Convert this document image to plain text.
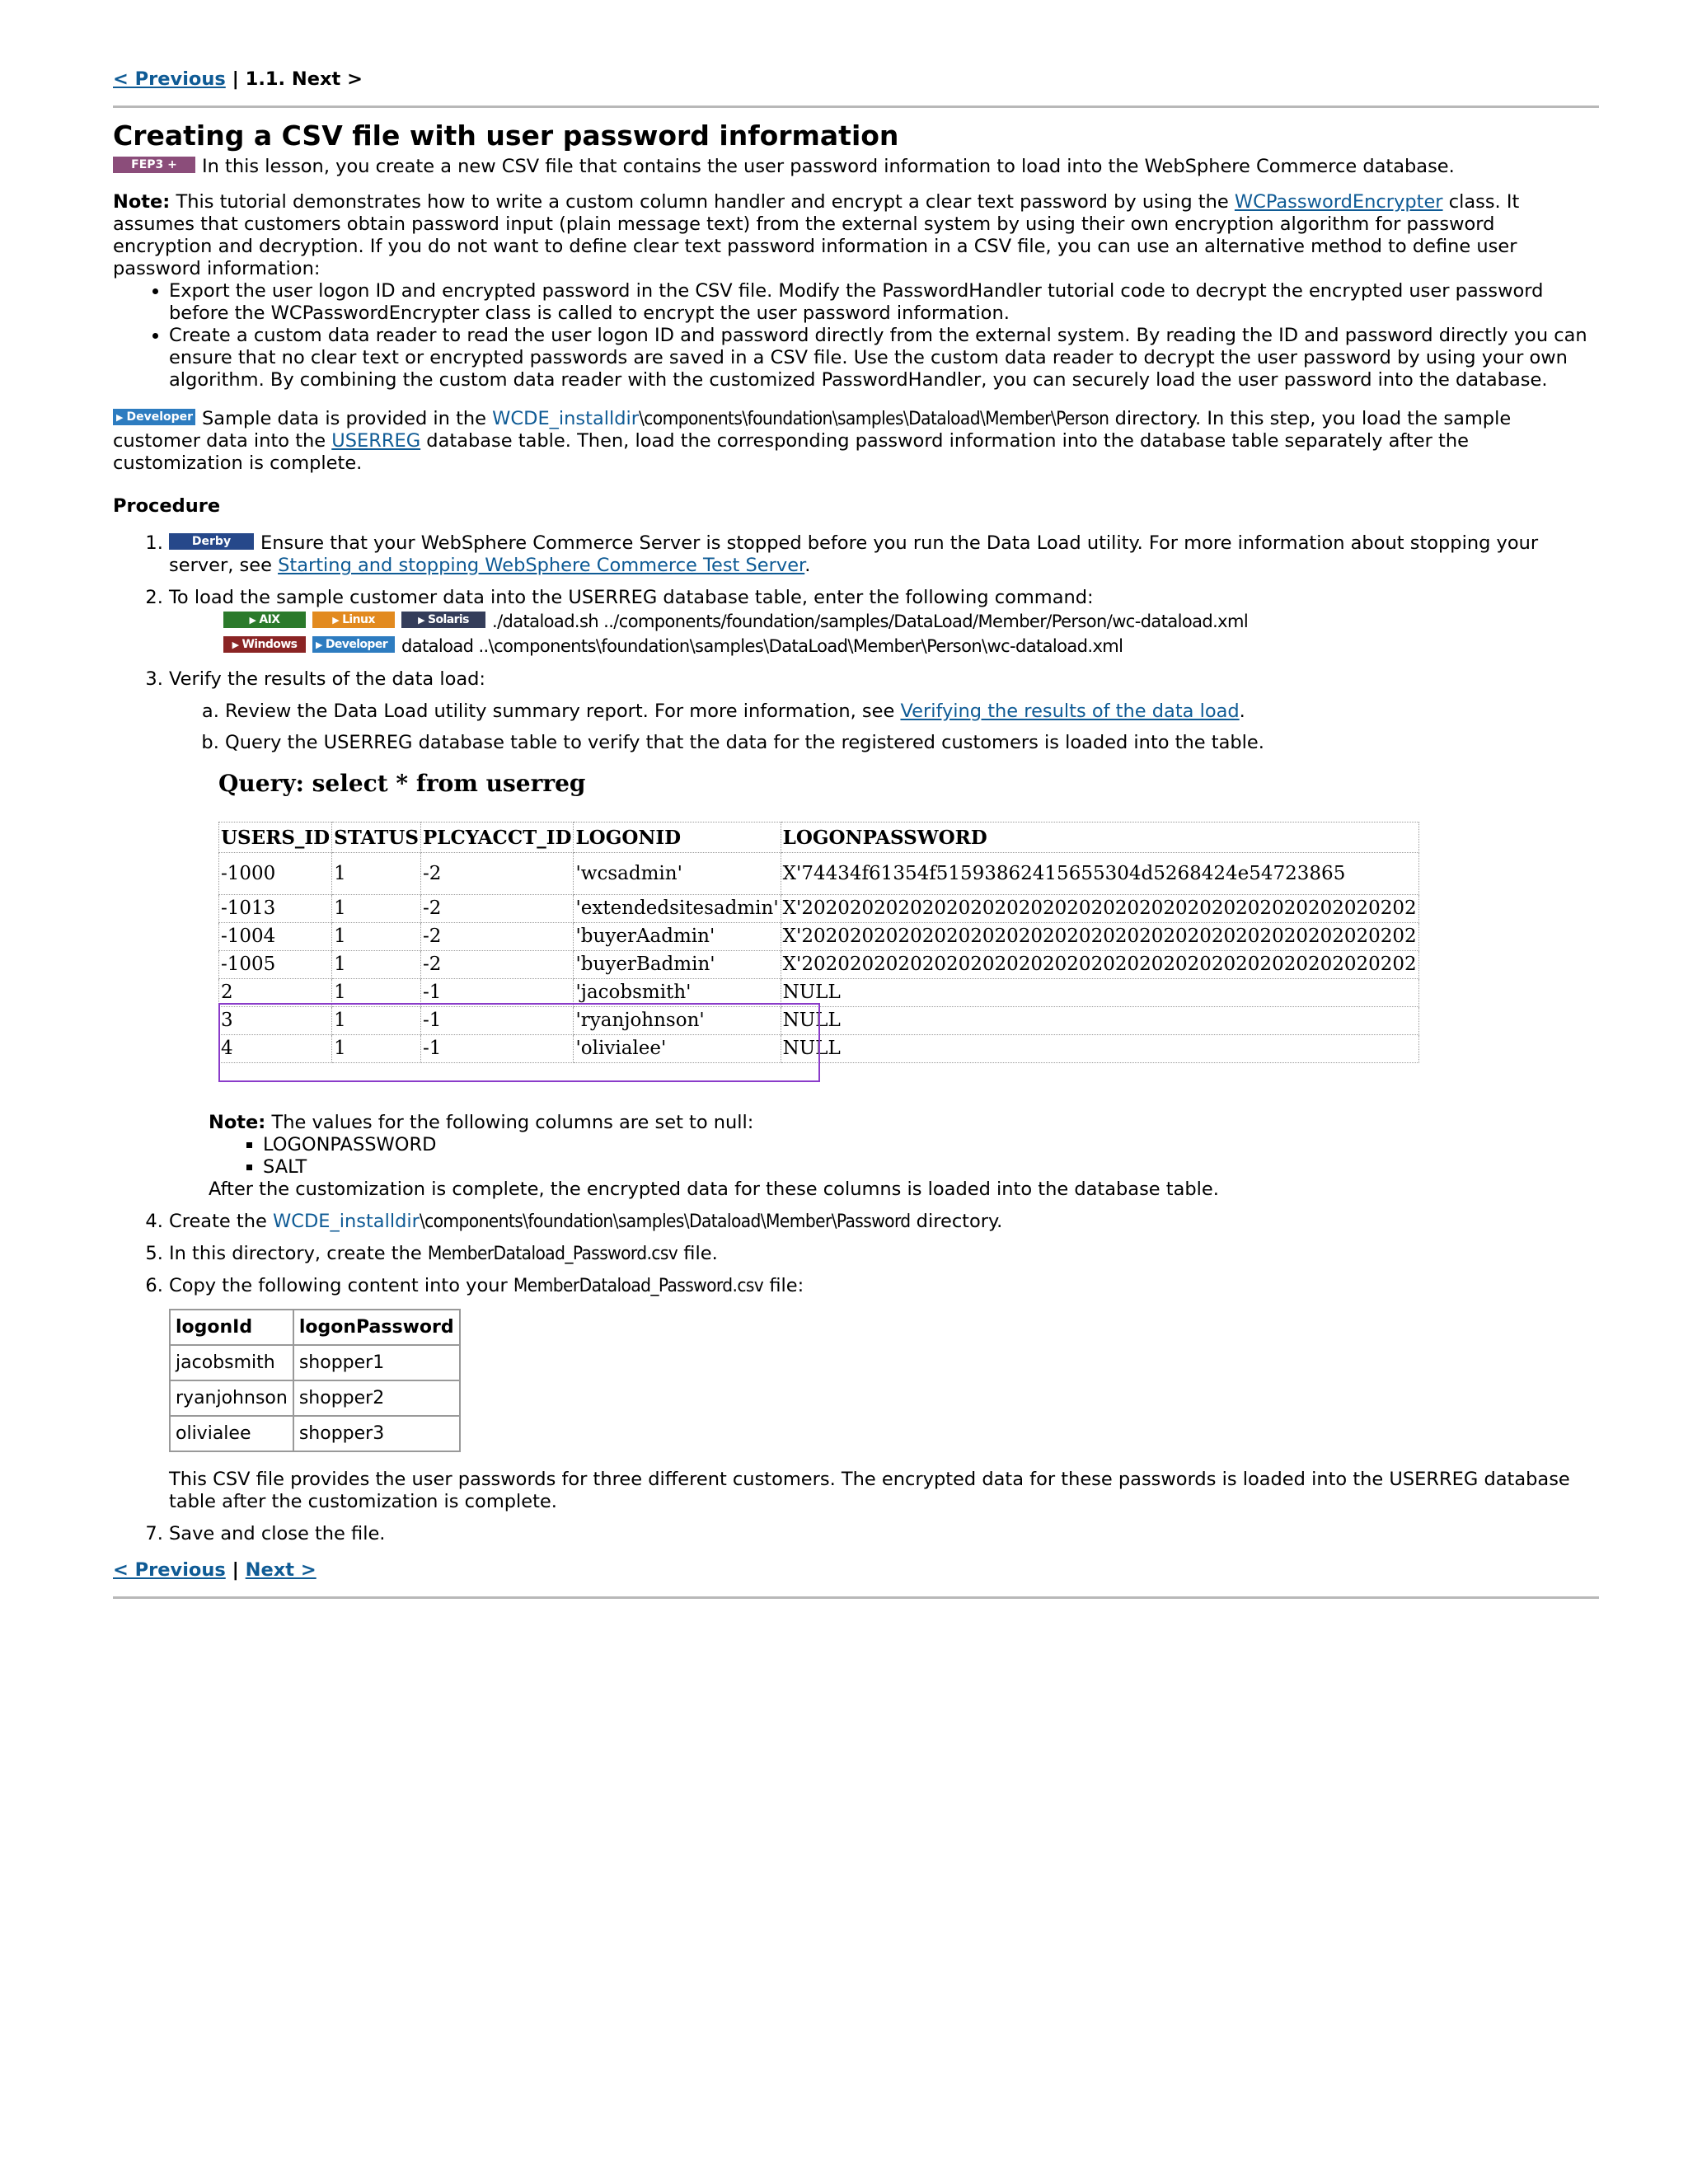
< Previous | 1.1. Next >
Creating a CSV file with user password information

FEP3 + In this lesson, you create a new CSV file that contains the user password information to load into the WebSphere Commerce database.

Note: This tutorial demonstrates how to write a custom column handler and encrypt a clear text password by using the WCPasswordEncrypter class. It assumes that customers obtain password input (plain message text) from the external system by using their own encryption algorithm for password encryption and decryption. If you do not want to define clear text password information in a CSV file, you can use an alternative method to define user password information:

• Export the user logon ID and encrypted password in the CSV file. Modify the PasswordHandler tutorial code to decrypt the encrypted user password before the WCPasswordEncrypter class is called to encrypt the user password information.
• Create a custom data reader to read the user logon ID and password directly from the external system. By reading the ID and password directly you can ensure that no clear text or encrypted passwords are saved in a CSV file. Use the custom data reader to decrypt the user password by using your own algorithm. By combining the custom data reader with the customized PasswordHandler, you can securely load the user password into the database.

▶ Developer Sample data is provided in the WCDE_installdir\components\foundation\samples\Dataload\Member\Person directory. In this step, you load the sample customer data into the USERREG database table. Then, load the corresponding password information into the database table separately after the customization is complete.

Procedure
1. Derby Ensure that your WebSphere Commerce Server is stopped before you run the Data Load utility. For more information about stopping your server, see Starting and stopping WebSphere Commerce Test Server.
2. To load the sample customer data into the USERREG database table, enter the following command:
▶ AIX	▶ Linux	▶ Solaris ./dataload.sh ../components/foundation/samples/DataLoad/Member/Person/wc-dataload.xml
▶ Windows ▶ Developer dataload ..\components\foundation\samples\DataLoad\Member\Person\wc-dataload.xml
3. Verify the results of the data load:
a. Review the Data Load utility summary report. For more information, see Verifying the results of the data load.
b. Query the USERREG database table to verify that the data for the registered customers is loaded into the table.
Query: select * from userreg
USERS_ID	STATUS	PLCYACCT_ID	LOGONID	LOGONPASSWORD
-1000	1	-2	'wcsadmin'	X'74434f61354f51593862415655304d5268424e54723865
-1013	1	-2	'extendedsitesadmin'	X'202020202020202020202020202020202020202020202020202
-1004	1	-2	'buyerAadmin'	X'202020202020202020202020202020202020202020202020202
-1005	1	-2	'buyerBadmin'	X'202020202020202020202020202020202020202020202020202
2	1	-1	'jacobsmith'	NULL
3	1	-1	'ryanjohnson'	NULL
4	1	-1	'olivialee'	NULL

Note: The values for the following columns are set to null:

▪ LOGONPASSWORD
▪ SALT

After the customization is complete, the encrypted data for these columns is loaded into the database table.

4. Create the WCDE_installdir\components\foundation\samples\Dataload\Member\Password directory.
5. In this directory, create the MemberDataload_Password.csv file.
6. Copy the following content into your MemberDataload_Password.csv file:
logonId	logonPassword
jacobsmith	shopper1
ryanjohnson	shopper2
olivialee	shopper3

This CSV file provides the user passwords for three different customers. The encrypted data for these passwords is loaded into the USERREG database table after the customization is complete.

7. Save and close the file.
< Previous | Next >
